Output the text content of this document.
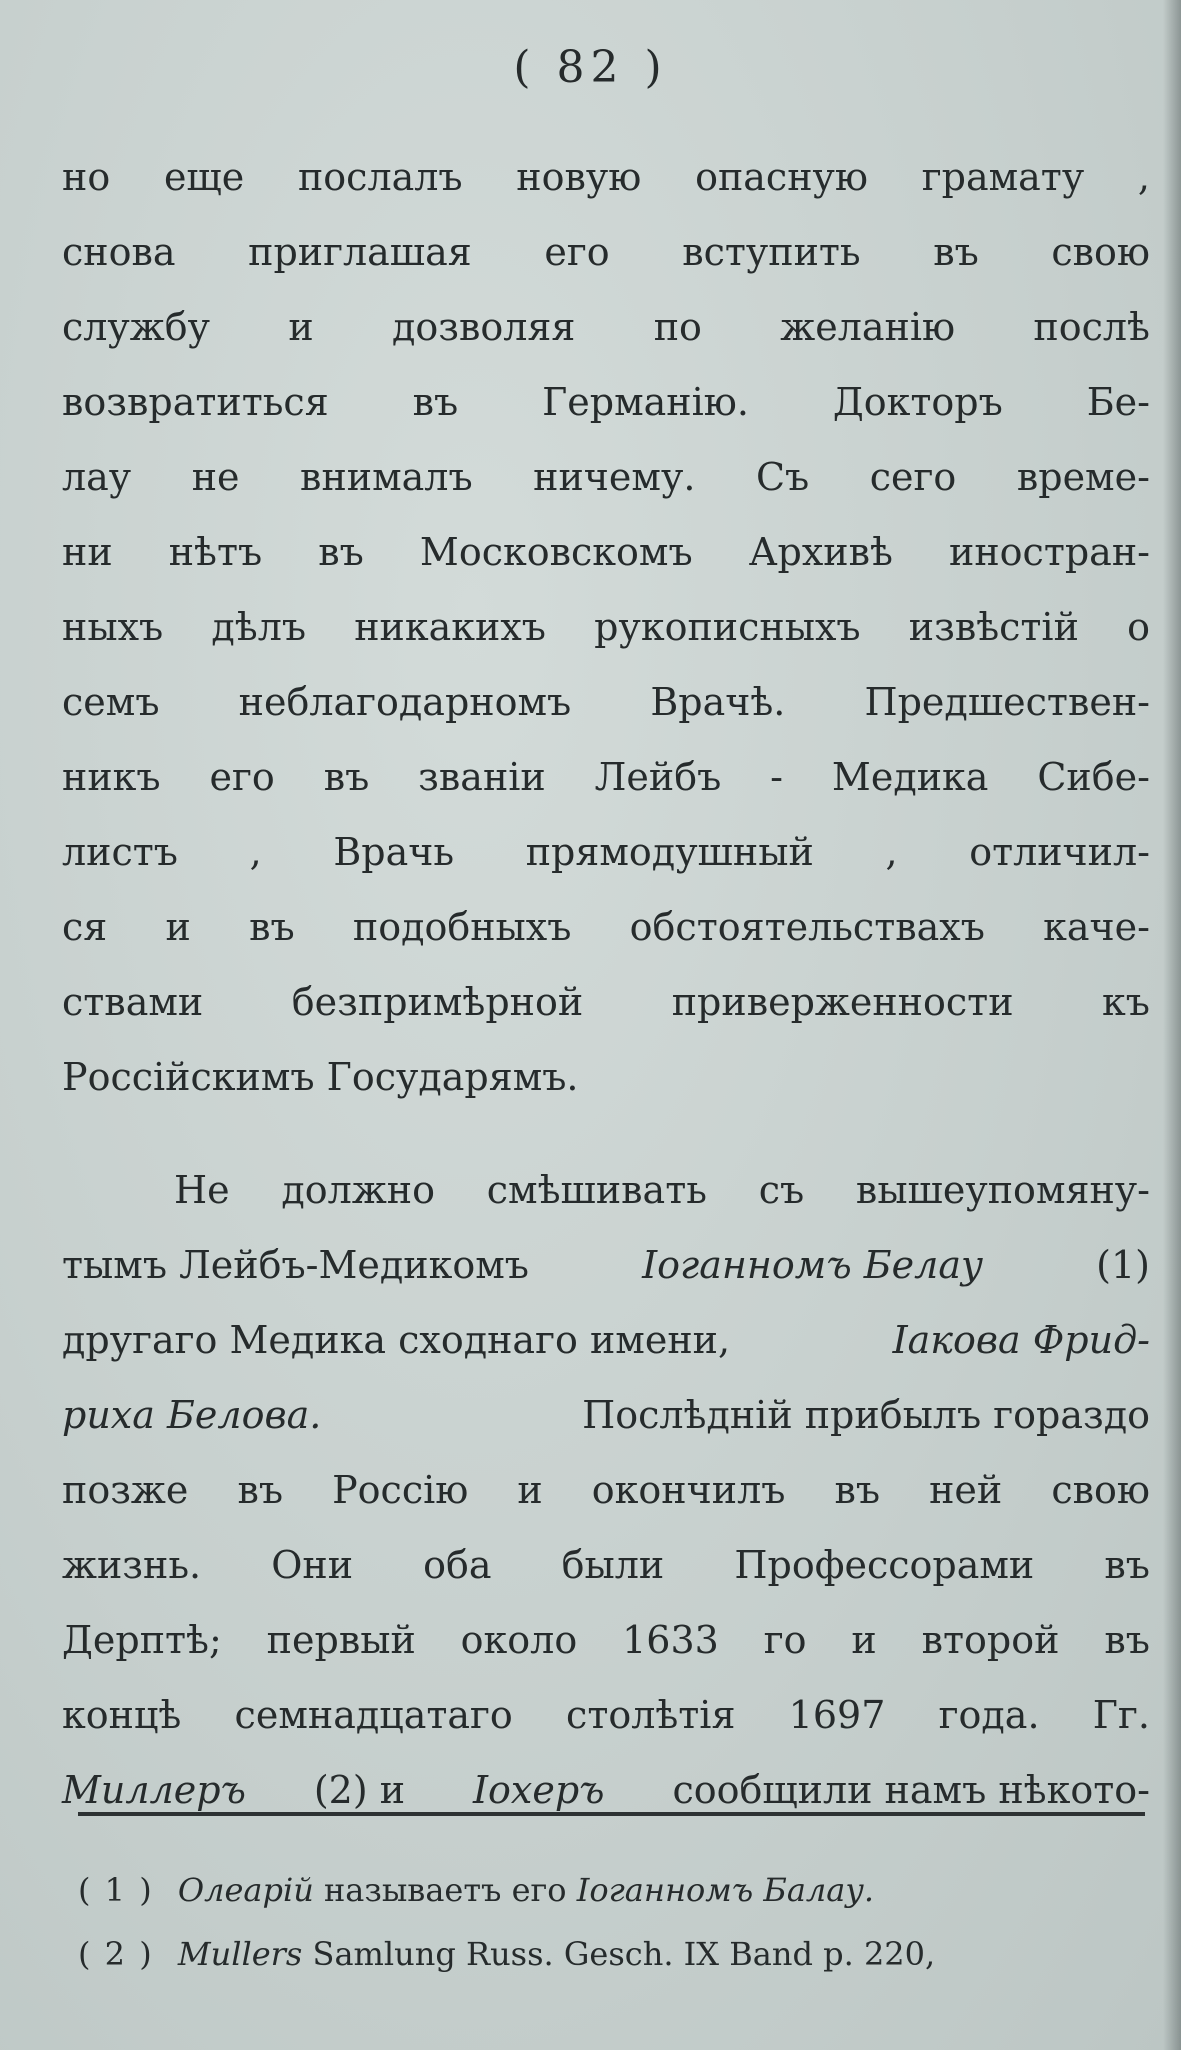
( 82 )
но еще послалъ новую опасную грамату ,
снова приглашая его вступить въ свою
службу и дозволяя по желанію послѣ
возвратиться въ Германію. Докторъ Бе-
лау не внималъ ничему. Съ сего време-
ни нѣтъ въ Московскомъ Архивѣ иностран-
ныхъ дѣлъ никакихъ рукописныхъ извѣстій о
семъ неблагодарномъ Врачѣ. Предшествен-
никъ его въ званіи Лейбъ - Медика Сибе-
листъ , Врачь прямодушный , отличил-
ся и въ подобныхъ обстоятельствахъ каче-
ствами безпримѣрной приверженности къ
Россійскимъ Государямъ.
Не должно смѣшивать съ вышеупомяну-
тымъ Лейбъ-Медикомъ	Іоганномъ Белау	(1)
другаго Медика сходнаго имени,	Іакова Фрид-
риха Белова.	Послѣдній прибылъ гораздо
позже въ Россію и окончилъ въ ней свою
жизнь. Они оба были Профессорами въ
Дерптѣ; первый около 1633 го и второй въ
концѣ семнадцатаго столѣтія 1697 года. Гг.
Миллеръ (2) и Іохеръ сообщили намъ нѣкото-
( 1 ) Олеарій называетъ его Іоганномъ Балау.
( 2 ) Mullers Samlung Russ. Gesch. IX Band p. 220,
